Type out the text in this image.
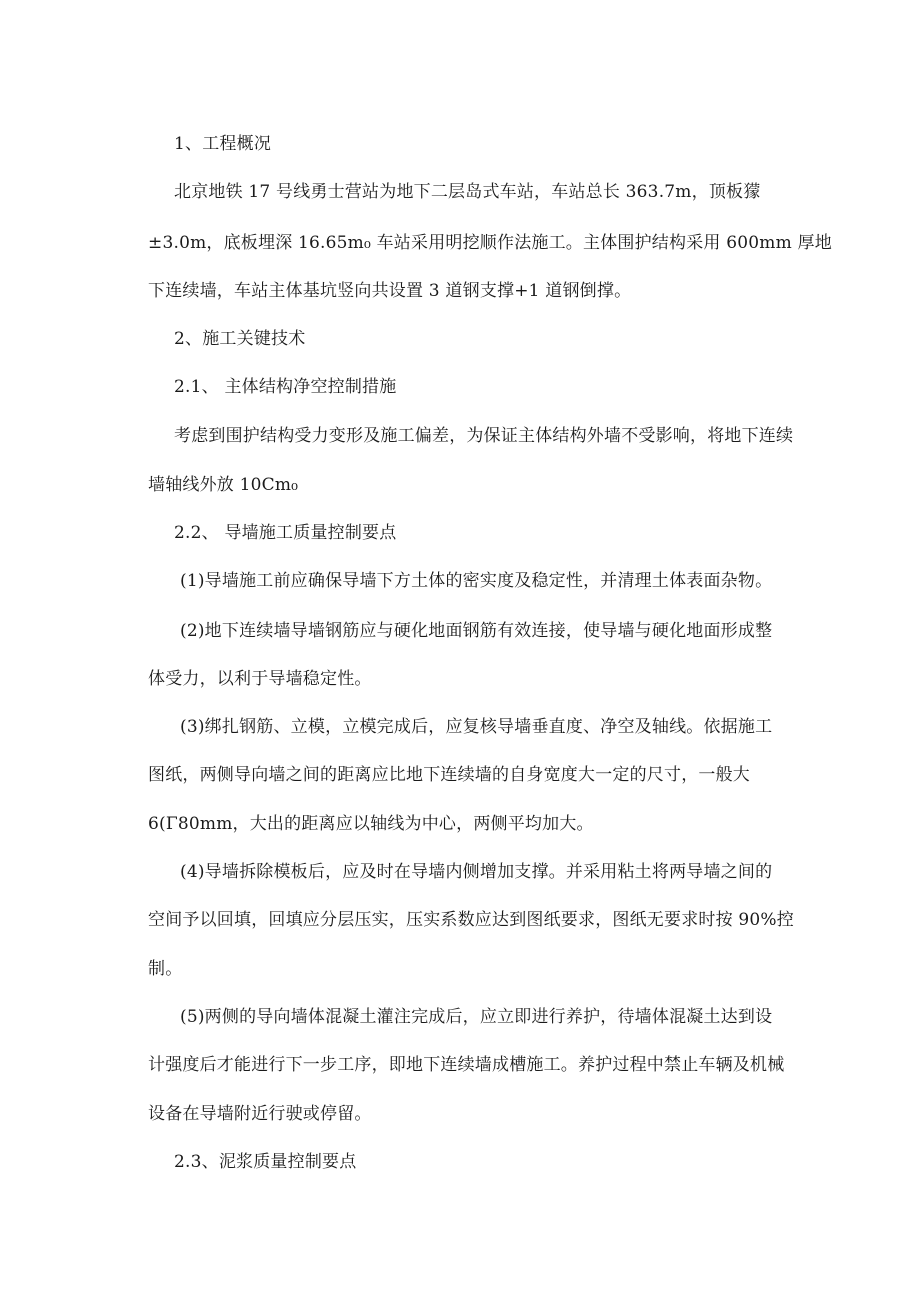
1、工程概况
北京地铁 17 号线勇士营站为地下二层岛式车站，车站总长 363.7m，顶板獴
±3.0m，底板埋深 16.65m₀ 车站采用明挖顺作法施工。主体围护结构采用 600mm 厚地
下连续墙，车站主体基坑竖向共设置 3 道钢支撑+1 道钢倒撑。
2、施工关键技术
2.1、 主体结构净空控制措施
考虑到围护结构受力变形及施工偏差，为保证主体结构外墙不受影响，将地下连续
墙轴线外放 10Cm₀
2.2、 导墙施工质量控制要点
(1)导墙施工前应确保导墙下方土体的密实度及稳定性，并清理土体表面杂物。
(2)地下连续墙导墙钢筋应与硬化地面钢筋有效连接，使导墙与硬化地面形成整
体受力，以利于导墙稳定性。
(3)绑扎钢筋、立模，立模完成后，应复核导墙垂直度、净空及轴线。依据施工
图纸，两侧导向墙之间的距离应比地下连续墙的自身宽度大一定的尺寸，一般大
6(Γ80mm，大出的距离应以轴线为中心，两侧平均加大。
(4)导墙拆除模板后，应及时在导墙内侧增加支撑。并采用粘土将两导墙之间的
空间予以回填，回填应分层压实，压实系数应达到图纸要求，图纸无要求时按 90%控
制。
(5)两侧的导向墙体混凝土灌注完成后，应立即进行养护，待墙体混凝土达到设
计强度后才能进行下一步工序，即地下连续墙成槽施工。养护过程中禁止车辆及机械
设备在导墙附近行驶或停留。
2.3、泥浆质量控制要点
